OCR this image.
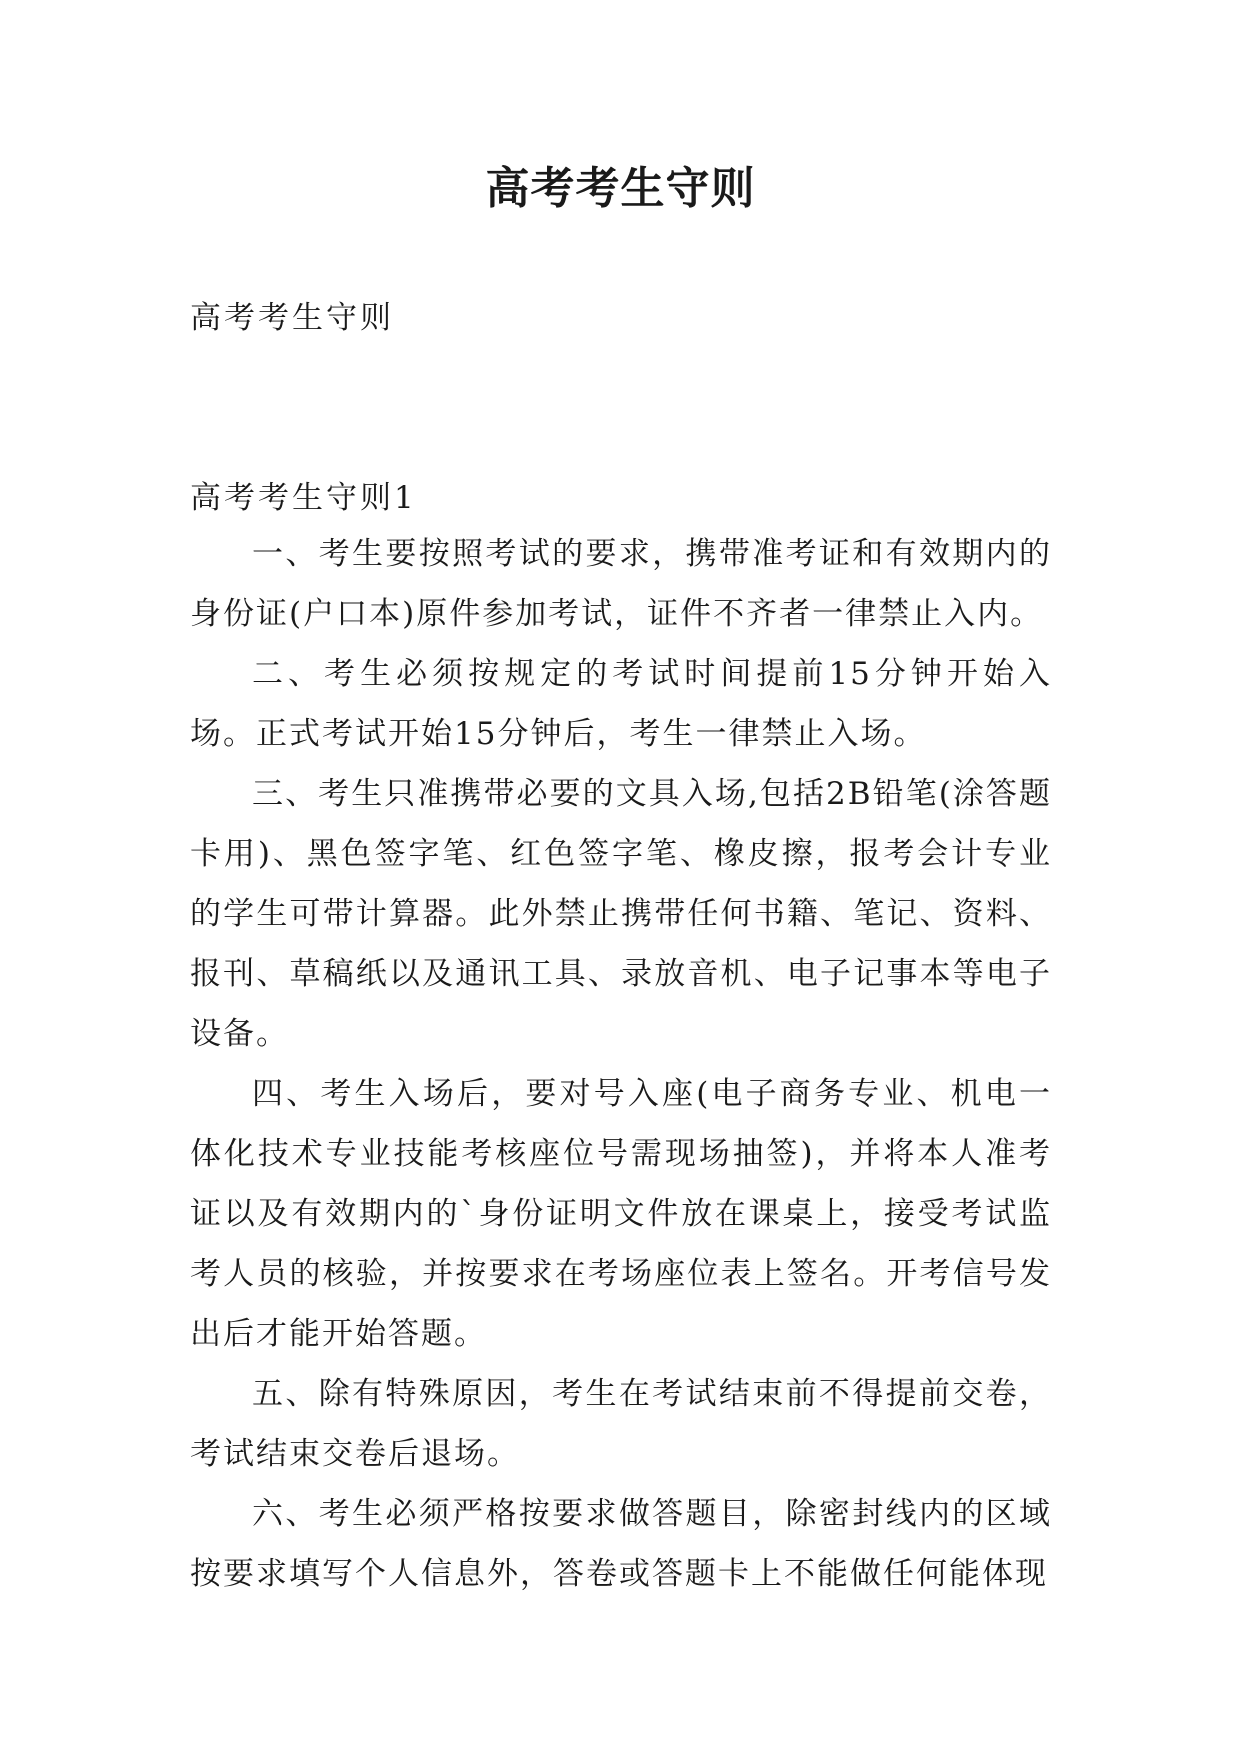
高考考生守则
高考考生守则
高考考生守则1

一、考生要按照考试的要求，携带准考证和有效期内的身份证(户口本)原件参加考试，证件不齐者一律禁止入内。

二、考生必须按规定的考试时间提前15分钟开始入场。正式考试开始15分钟后，考生一律禁止入场。

三、考生只准携带必要的文具入场,包括2B铅笔(涂答题卡用)、黑色签字笔、红色签字笔、橡皮擦，报考会计专业的学生可带计算器。此外禁止携带任何书籍、笔记、资料、报刊、草稿纸以及通讯工具、录放音机、电子记事本等电子设备。

四、考生入场后，要对号入座(电子商务专业、机电一体化技术专业技能考核座位号需现场抽签)，并将本人准考证以及有效期内的`身份证明文件放在课桌上，接受考试监考人员的核验，并按要求在考场座位表上签名。开考信号发出后才能开始答题。

五、除有特殊原因，考生在考试结束前不得提前交卷，考试结束交卷后退场。

六、考生必须严格按要求做答题目，除密封线内的区域按要求填写个人信息外，答卷或答题卡上不能做任何能体现
